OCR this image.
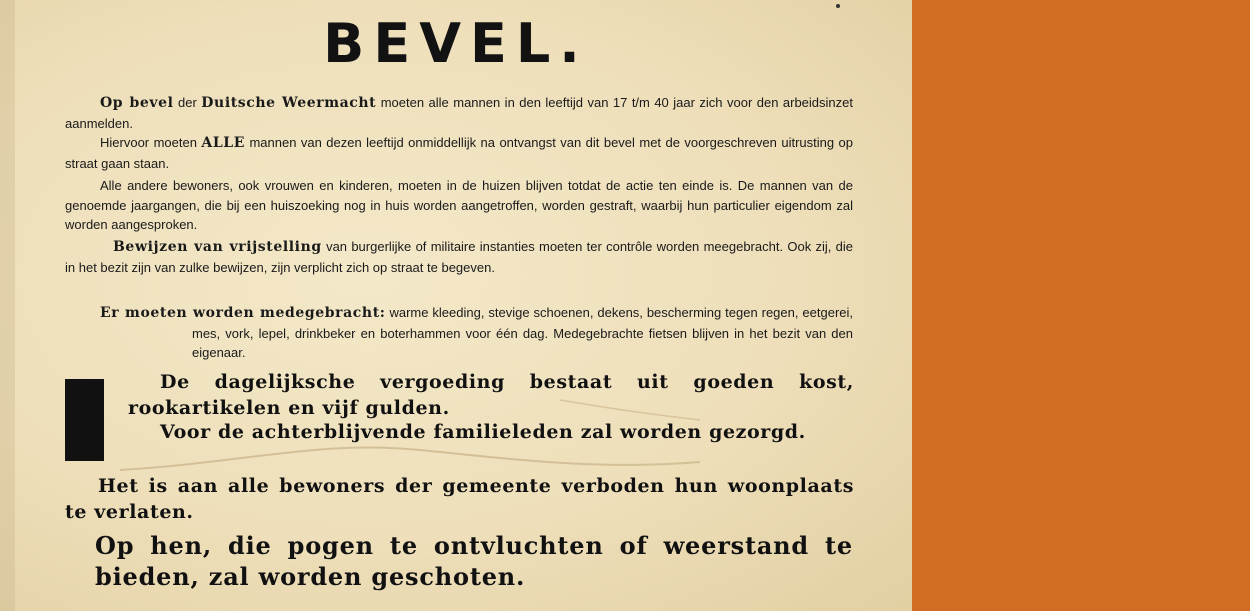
BEVEL.

Op bevel der Duitsche Weermacht moeten alle mannen in den leeftijd van 17 t/m 40 jaar zich voor den arbeidsinzet aanmelden.

Hiervoor moeten ALLE mannen van dezen leeftijd onmiddellijk na ontvangst van dit bevel met de voorgeschreven uitrusting op straat gaan staan.

Alle andere bewoners, ook vrouwen en kinderen, moeten in de huizen blijven totdat de actie ten einde is. De mannen van de genoemde jaargangen, die bij een huiszoeking nog in huis worden aangetroffen, worden gestraft, waarbij hun particulier eigendom zal worden aangesproken.

Bewijzen van vrijstelling van burgerlijke of militaire instanties moeten ter contrôle worden meegebracht. Ook zij, die in het bezit zijn van zulke bewijzen, zijn verplicht zich op straat te begeven.

Er moeten worden medegebracht: warme kleeding, stevige schoenen, dekens, bescherming tegen regen, eetgerei, mes, vork, lepel, drinkbeker en boterhammen voor één dag. Medegebrachte fietsen blijven in het bezit van den eigenaar.

De dagelijksche vergoeding bestaat uit goeden kost, rookartikelen en vijf gulden.

Voor de achterblijvende familieleden zal worden gezorgd.

Het is aan alle bewoners der gemeente verboden hun woonplaats te verlaten.

Op hen, die pogen te ontvluchten of weerstand te bieden, zal worden geschoten.
